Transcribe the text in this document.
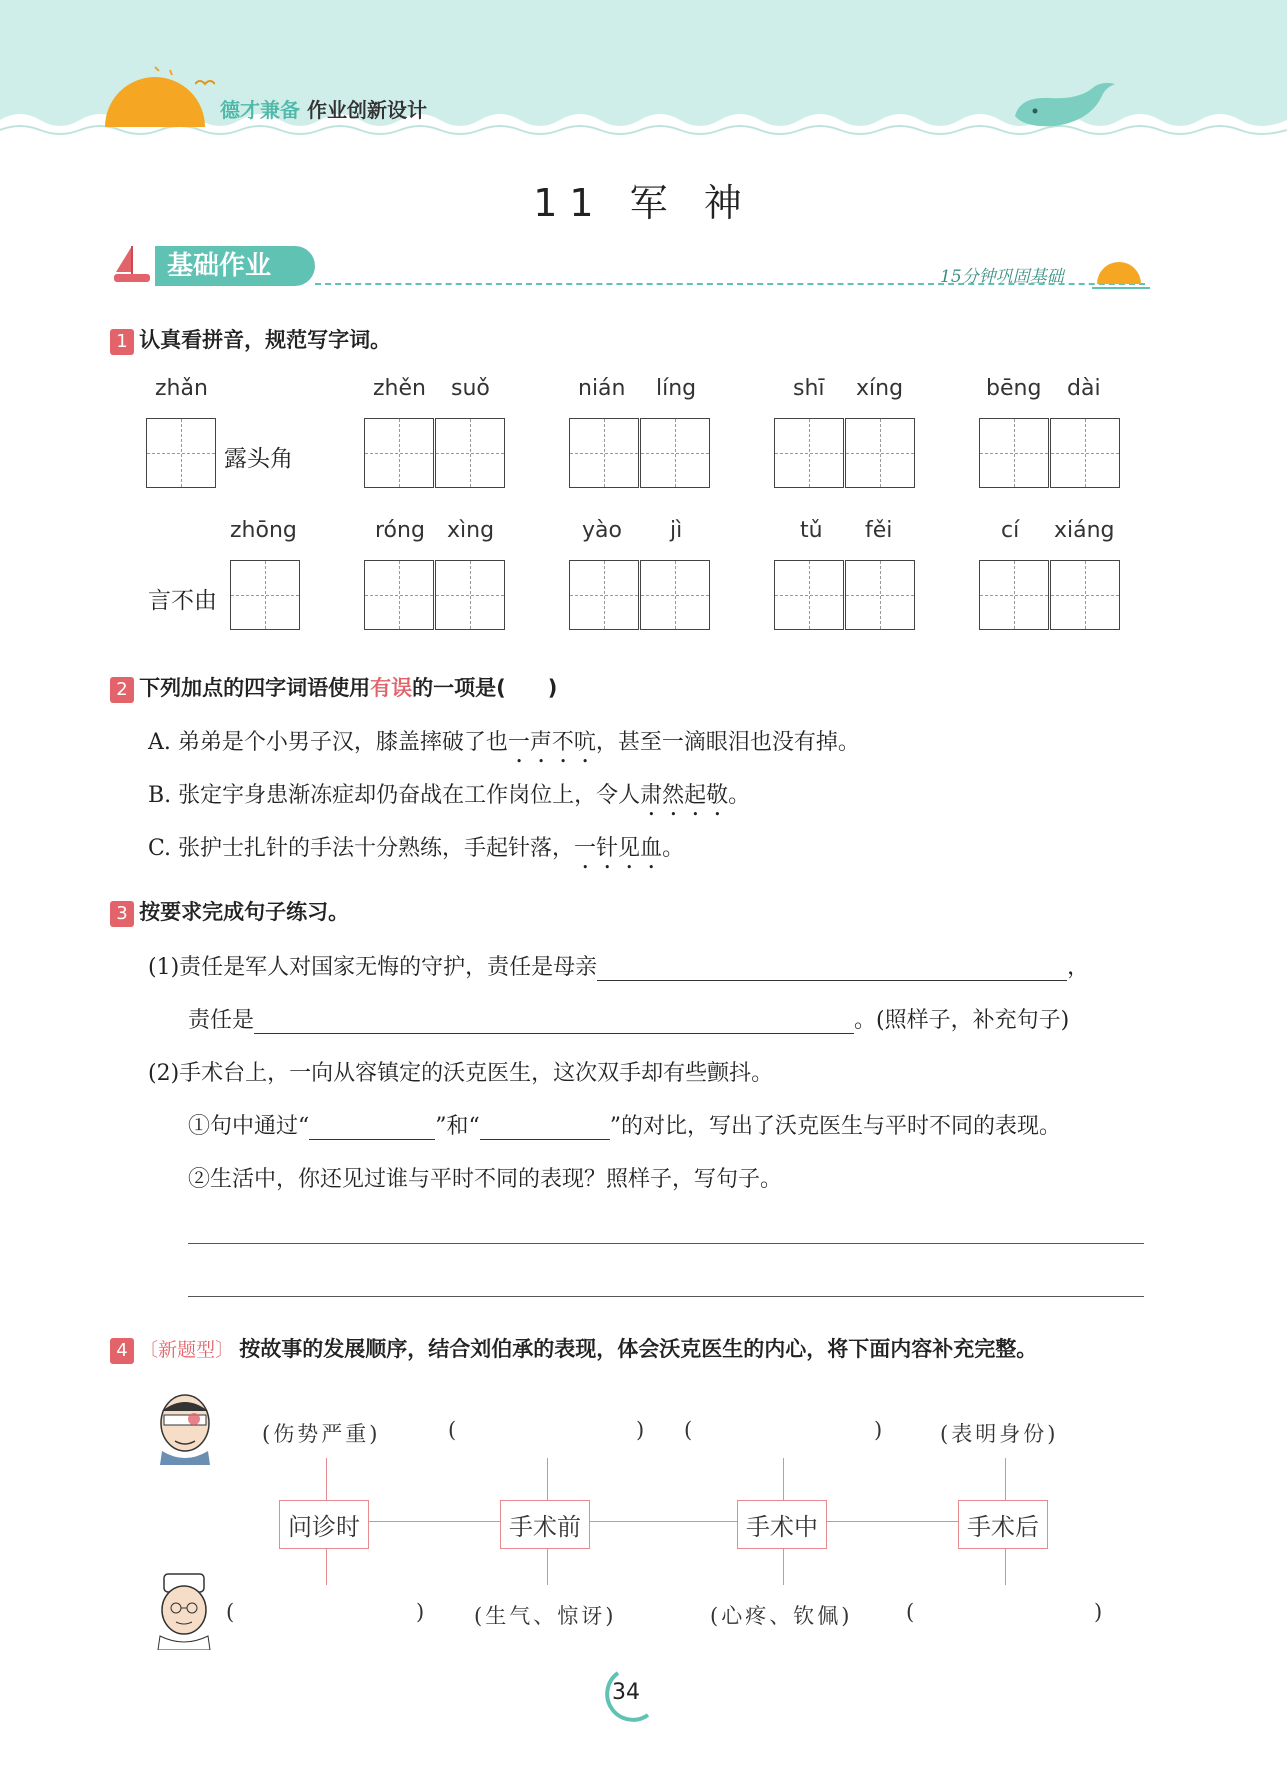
德才兼备 作业创新设计
11 军 神
基础作业	15分钟巩固基础
1 认真看拼音，规范写字词。
zhǎn	zhěn suǒ	nián líng	shī xíng	bēng dài
露头角
zhōng	róng xìng	yào jì	tǔ fěi	cí xiáng
言不由
2 下列加点的四字词语使用有误的一项是(　　)
A. 弟弟是个小男子汉，膝盖摔破了也一声不吭，甚至一滴眼泪也没有掉。
B. 张定宇身患渐冻症却仍奋战在工作岗位上，令人肃然起敬。
C. 张护士扎针的手法十分熟练，手起针落，一针见血。
3 按要求完成句子练习。
(1)责任是军人对国家无悔的守护，责任是母亲	，
责任是	。(照样子，补充句子)
(2)手术台上，一向从容镇定的沃克医生，这次双手却有些颤抖。
①句中通过“	”和“	”的对比，写出了沃克医生与平时不同的表现。
②生活中，你还见过谁与平时不同的表现？照样子，写句子。
4 〔新题型〕 按故事的发展顺序，结合刘伯承的表现，体会沃克医生的内心，将下面内容补充完整。
(伤势严重)	(	) (	)	(表明身份)
问诊时	手术前	手术中	手术后
(	) (生气、惊讶)	(心疼、钦佩)	(	)
34
